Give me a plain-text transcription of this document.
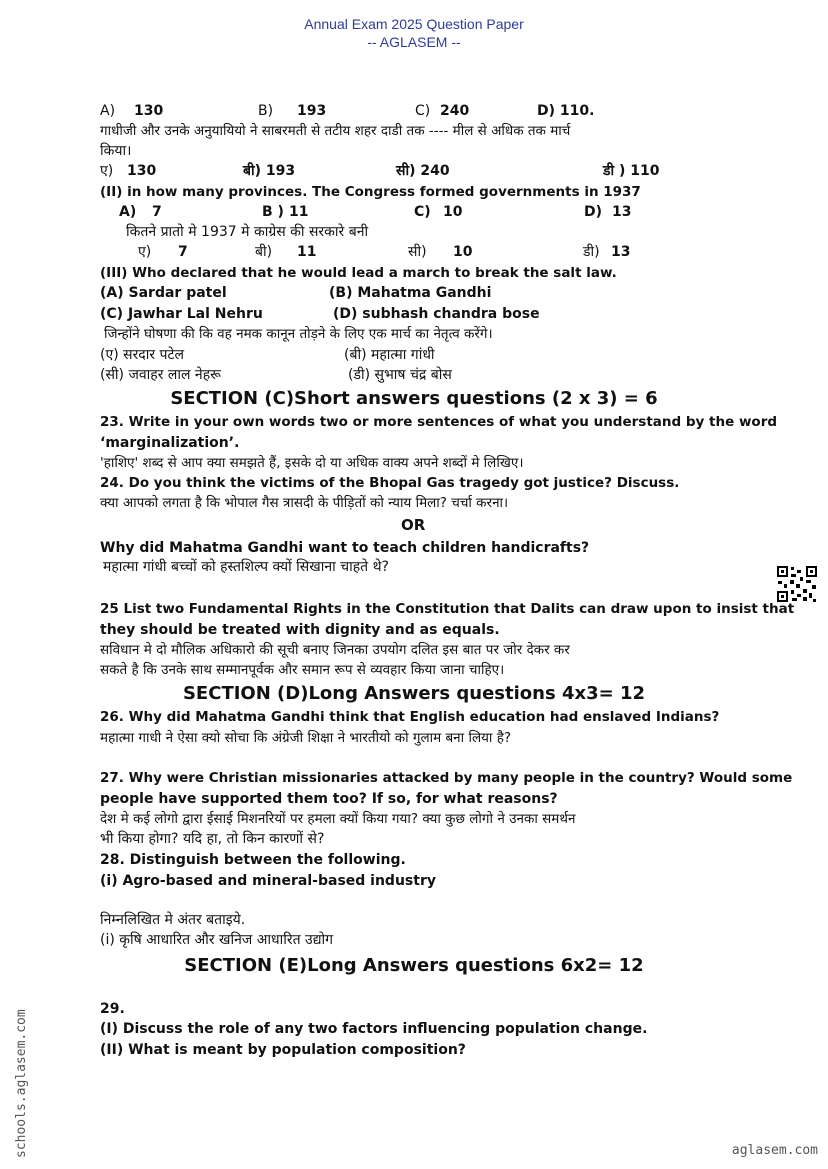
Annual Exam 2025 Question Paper
-- AGLASEM --
A) 130	B) 193	C) 240	D) 110.
गाधीजी और उनके अनुयायियो ने साबरमती से तटीय शहर दाडी तक ---- मील से अधिक तक मार्च
किया।
ए) 130	बी) 193	सी) 240	डी ) 110
(II) in how many provinces. The Congress formed governments in 1937
A) 7	B ) 11	C) 10	D) 13
कितने प्रातो मे 1937 मे काग्रेस की सरकारे बनी
ए) 7	बी) 11	सी) 10	डी) 13
(III) Who declared that he would lead a march to break the salt law.
(A) Sardar patel	(B) Mahatma Gandhi
(C) Jawhar Lal Nehru	(D) subhash chandra bose
जिन्होंने घोषणा की कि वह नमक कानून तोड़ने के लिए एक मार्च का नेतृत्व करेंगे।
(ए) सरदार पटेल	(बी) महात्मा गांधी
(सी) जवाहर लाल नेहरू	(डी) सुभाष चंद्र बोस
SECTION (C)Short answers questions (2 x 3) = 6
23. Write in your own words two or more sentences of what you understand by the word
‘marginalization’.
'हाशिए' शब्द से आप क्या समझते हैं, इसके दो या अधिक वाक्य अपने शब्दों मे लिखिए।
24. Do you think the victims of the Bhopal Gas tragedy got justice? Discuss.
क्या आपको लगता है कि भोपाल गैस त्रासदी के पीड़ितों को न्याय मिला? चर्चा करना।
OR
Why did Mahatma Gandhi want to teach children handicrafts?
महात्मा गांधी बच्चों को हस्तशिल्प क्यों सिखाना चाहते थे?
25 List two Fundamental Rights in the Constitution that Dalits can draw upon to insist that
they should be treated with dignity and as equals.
सविधान मे दो मौलिक अधिकारो की सूची बनाए जिनका उपयोग दलित इस बात पर जोर देकर कर
सकते है कि उनके साथ सम्मानपूर्वक और समान रूप से व्यवहार किया जाना चाहिए।
SECTION (D)Long Answers questions 4x3= 12
26. Why did Mahatma Gandhi think that English education had enslaved Indians?
महात्मा गाधी ने ऐसा क्यो सोचा कि अंग्रेजी शिक्षा ने भारतीयो को गुलाम बना लिया है?
27. Why were Christian missionaries attacked by many people in the country? Would some
people have supported them too? If so, for what reasons?
देश मे कई लोगो द्वारा ईसाई मिशनरियों पर हमला क्यों किया गया? क्या कुछ लोगो ने उनका समर्थन
भी किया होगा? यदि हा, तो किन कारणों से?
28. Distinguish between the following.
(i) Agro-based and mineral-based industry
निम्नलिखित मे अंतर बताइये.
(i) कृषि आधारित और खनिज आधारित उद्योग
SECTION (E)Long Answers questions 6x2= 12
29.
(I) Discuss the role of any two factors influencing population change.
(II) What is meant by population composition?
schools.aglasem.com	aglasem.com
